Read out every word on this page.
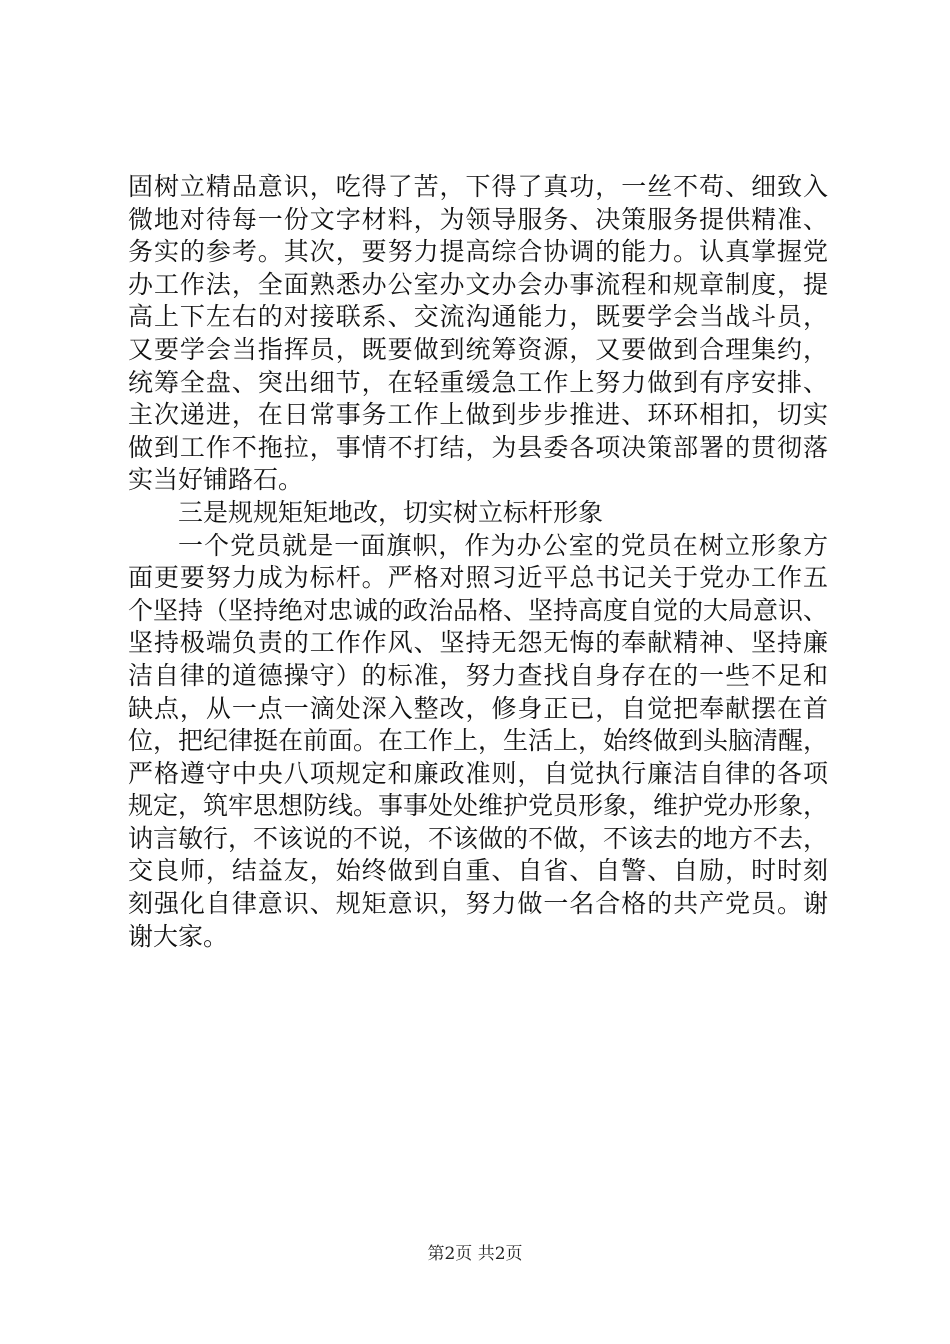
固树立精品意识，吃得了苦，下得了真功，一丝不苟、细致入
微地对待每一份文字材料，为领导服务、决策服务提供精准、
务实的参考。其次，要努力提高综合协调的能力。认真掌握党
办工作法，全面熟悉办公室办文办会办事流程和规章制度，提
高上下左右的对接联系、交流沟通能力，既要学会当战斗员，
又要学会当指挥员，既要做到统筹资源，又要做到合理集约，
统筹全盘、突出细节，在轻重缓急工作上努力做到有序安排、
主次递进，在日常事务工作上做到步步推进、环环相扣，切实
做到工作不拖拉，事情不打结，为县委各项决策部署的贯彻落
实当好铺路石。
三是规规矩矩地改，切实树立标杆形象
一个党员就是一面旗帜，作为办公室的党员在树立形象方
面更要努力成为标杆。严格对照习近平总书记关于党办工作五
个坚持（坚持绝对忠诚的政治品格、坚持高度自觉的大局意识、
坚持极端负责的工作作风、坚持无怨无悔的奉献精神、坚持廉
洁自律的道德操守）的标准，努力查找自身存在的一些不足和
缺点，从一点一滴处深入整改，修身正已，自觉把奉献摆在首
位，把纪律挺在前面。在工作上，生活上，始终做到头脑清醒，
严格遵守中央八项规定和廉政准则，自觉执行廉洁自律的各项
规定，筑牢思想防线。事事处处维护党员形象，维护党办形象，
讷言敏行，不该说的不说，不该做的不做，不该去的地方不去，
交良师，结益友，始终做到自重、自省、自警、自励，时时刻
刻强化自律意识、规矩意识，努力做一名合格的共产党员。谢
谢大家。
第2页 共2页
